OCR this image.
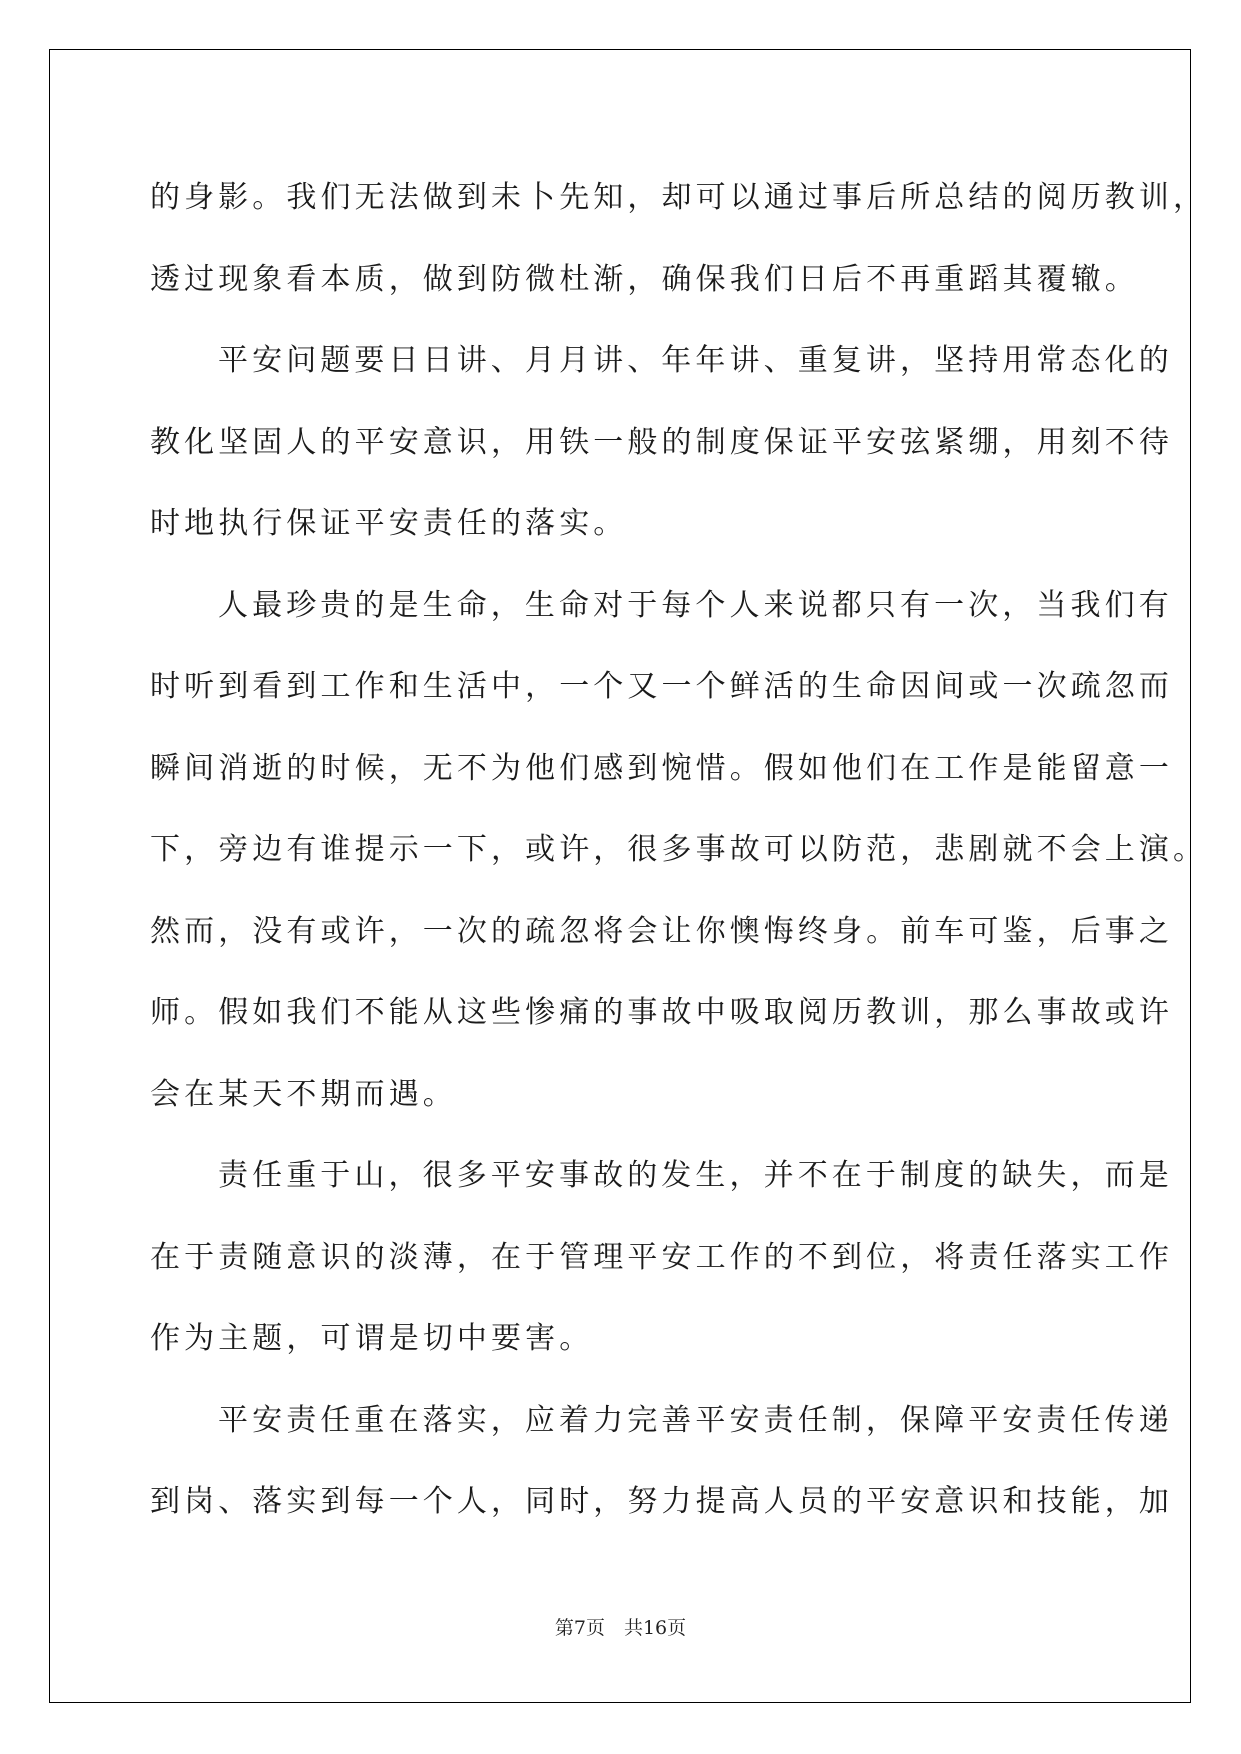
的身影。我们无法做到未卜先知，却可以通过事后所总结的阅历教训，
透过现象看本质，做到防微杜渐，确保我们日后不再重蹈其覆辙。
平安问题要日日讲、月月讲、年年讲、重复讲，坚持用常态化的
教化坚固人的平安意识，用铁一般的制度保证平安弦紧绷，用刻不待
时地执行保证平安责任的落实。
人最珍贵的是生命，生命对于每个人来说都只有一次，当我们有
时听到看到工作和生活中，一个又一个鲜活的生命因间或一次疏忽而
瞬间消逝的时候，无不为他们感到惋惜。假如他们在工作是能留意一
下，旁边有谁提示一下，或许，很多事故可以防范，悲剧就不会上演。
然而，没有或许，一次的疏忽将会让你懊悔终身。前车可鉴，后事之
师。假如我们不能从这些惨痛的事故中吸取阅历教训，那么事故或许
会在某天不期而遇。
责任重于山，很多平安事故的发生，并不在于制度的缺失，而是
在于责随意识的淡薄，在于管理平安工作的不到位，将责任落实工作
作为主题，可谓是切中要害。
平安责任重在落实，应着力完善平安责任制，保障平安责任传递
到岗、落实到每一个人，同时，努力提高人员的平安意识和技能，加
第7页　共16页
